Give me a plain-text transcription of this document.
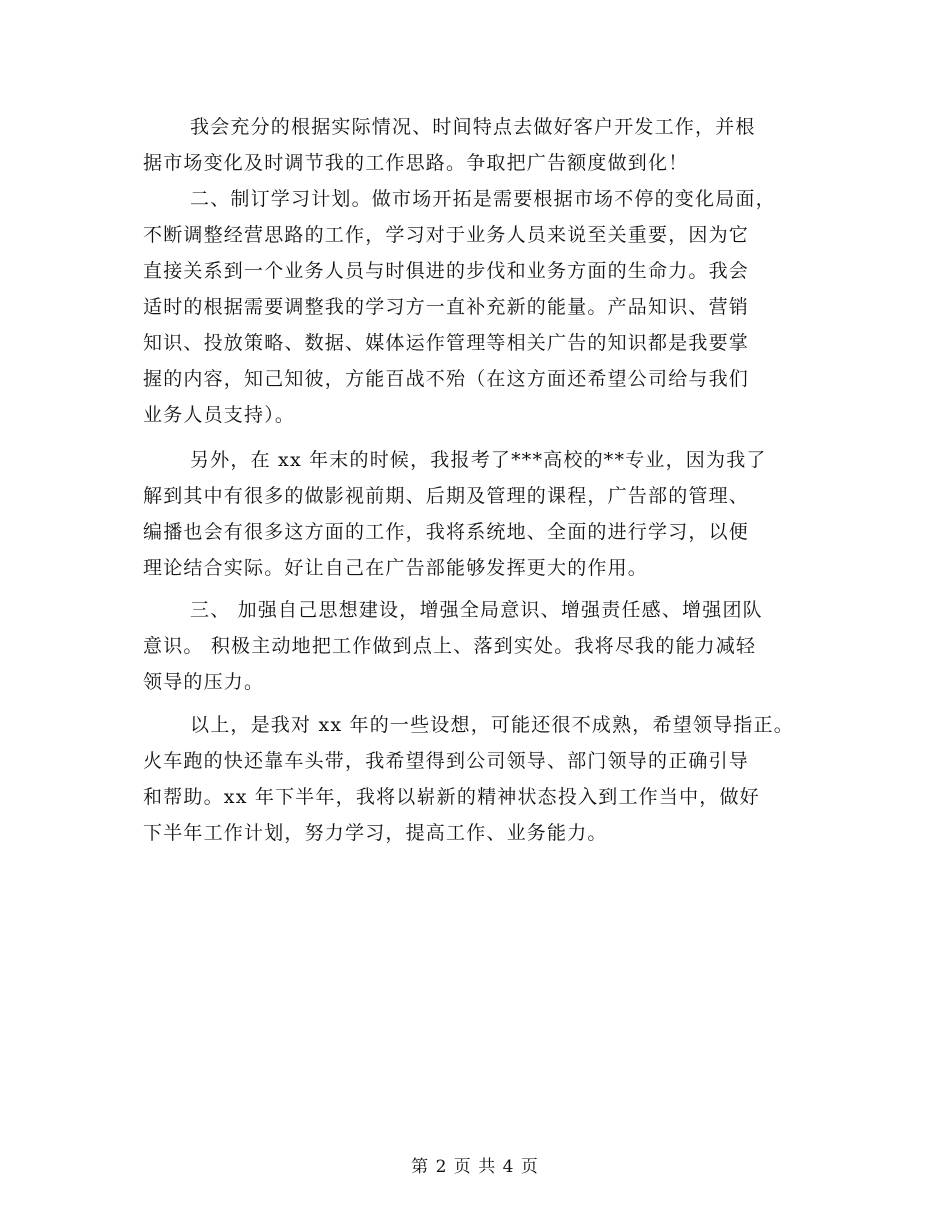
我会充分的根据实际情况、时间特点去做好客户开发工作，并根
据市场变化及时调节我的工作思路。争取把广告额度做到化！
二、制订学习计划。做市场开拓是需要根据市场不停的变化局面，
不断调整经营思路的工作，学习对于业务人员来说至关重要，因为它
直接关系到一个业务人员与时俱进的步伐和业务方面的生命力。我会
适时的根据需要调整我的学习方一直补充新的能量。产品知识、营销
知识、投放策略、数据、媒体运作管理等相关广告的知识都是我要掌
握的内容，知己知彼，方能百战不殆（在这方面还希望公司给与我们
业务人员支持）。
另外，在 xx 年末的时候，我报考了***高校的**专业，因为我了
解到其中有很多的做影视前期、后期及管理的课程，广告部的管理、
编播也会有很多这方面的工作，我将系统地、全面的进行学习，以便
理论结合实际。好让自己在广告部能够发挥更大的作用。
三、 加强自己思想建设，增强全局意识、增强责任感、增强团队
意识。 积极主动地把工作做到点上、落到实处。我将尽我的能力减轻
领导的压力。
以上，是我对 xx 年的一些设想，可能还很不成熟，希望领导指正。
火车跑的快还靠车头带，我希望得到公司领导、部门领导的正确引导
和帮助。xx 年下半年，我将以崭新的精神状态投入到工作当中，做好
下半年工作计划，努力学习，提高工作、业务能力。
第 2 页 共 4 页
